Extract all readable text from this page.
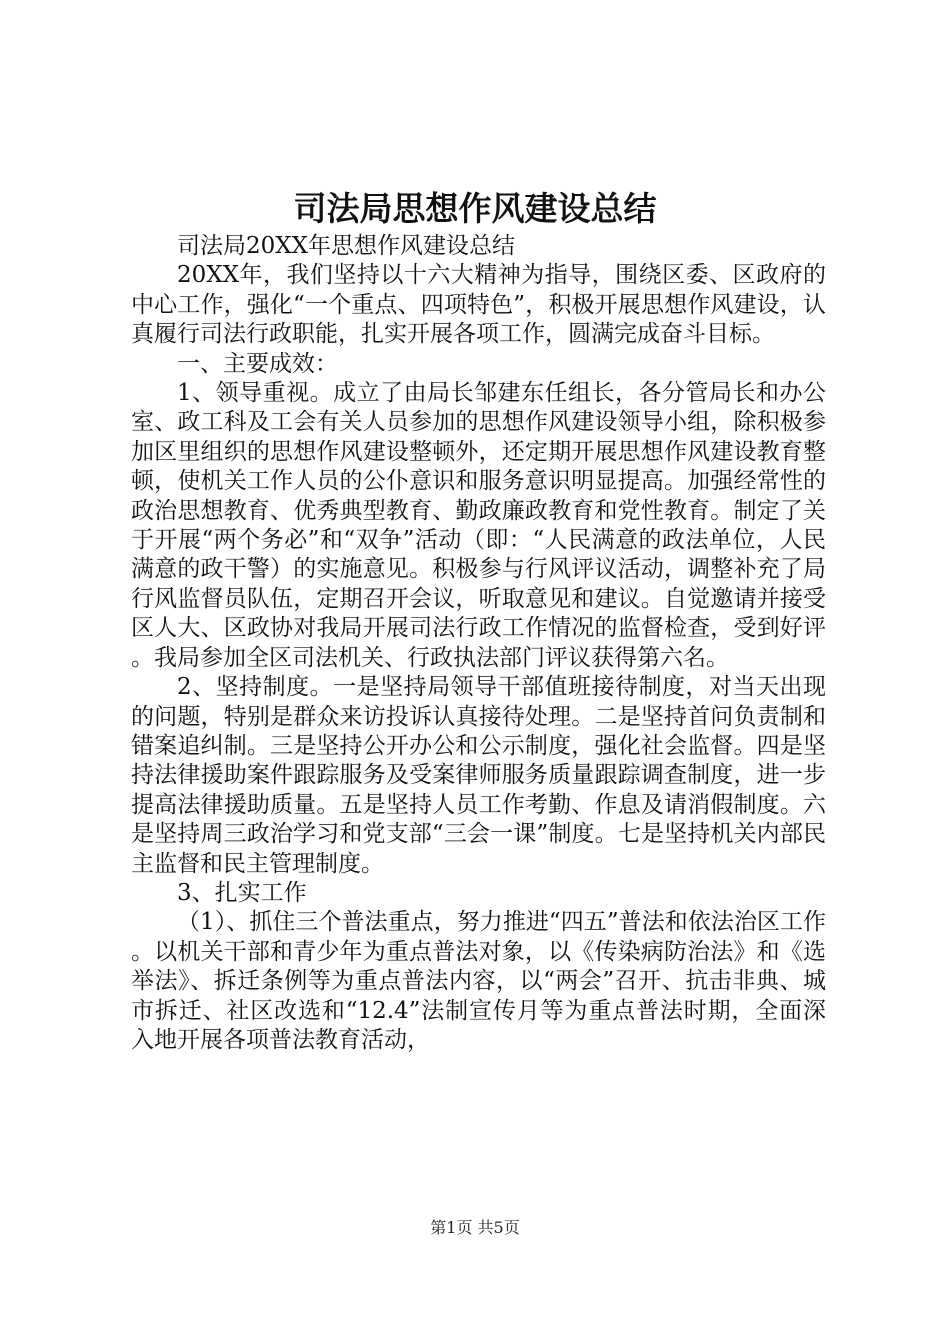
司法局思想作风建设总结

司法局20XX年思想作风建设总结

20XX年，我们坚持以十六大精神为指导，围绕区委、区政府的中心工作，强化“一个重点、四项特色”，积极开展思想作风建设，认真履行司法行政职能，扎实开展各项工作，圆满完成奋斗目标。

一、主要成效：

1、领导重视。成立了由局长邹建东任组长，各分管局长和办公室、政工科及工会有关人员参加的思想作风建设领导小组，除积极参加区里组织的思想作风建设整顿外，还定期开展思想作风建设教育整顿，使机关工作人员的公仆意识和服务意识明显提高。加强经常性的政治思想教育、优秀典型教育、勤政廉政教育和党性教育。制定了关于开展“两个务必”和“双争”活动（即：“人民满意的政法单位，人民满意的政干警）的实施意见。积极参与行风评议活动，调整补充了局行风监督员队伍，定期召开会议，听取意见和建议。自觉邀请并接受区人大、区政协对我局开展司法行政工作情况的监督检查，受到好评。我局参加全区司法机关、行政执法部门评议获得第六名。

2、坚持制度。一是坚持局领导干部值班接待制度，对当天出现的问题，特别是群众来访投诉认真接待处理。二是坚持首问负责制和错案追纠制。三是坚持公开办公和公示制度，强化社会监督。四是坚持法律援助案件跟踪服务及受案律师服务质量跟踪调查制度，进一步提高法律援助质量。五是坚持人员工作考勤、作息及请消假制度。六是坚持周三政治学习和党支部“三会一课”制度。七是坚持机关内部民主监督和民主管理制度。

3、扎实工作

（1）、抓住三个普法重点，努力推进“四五”普法和依法治区工作。以机关干部和青少年为重点普法对象，以《传染病防治法》和《选举法》、拆迁条例等为重点普法内容，以“两会”召开、抗击非典、城市拆迁、社区改选和“12.4”法制宣传月等为重点普法时期，全面深入地开展各项普法教育活动，

第1页 共5页
